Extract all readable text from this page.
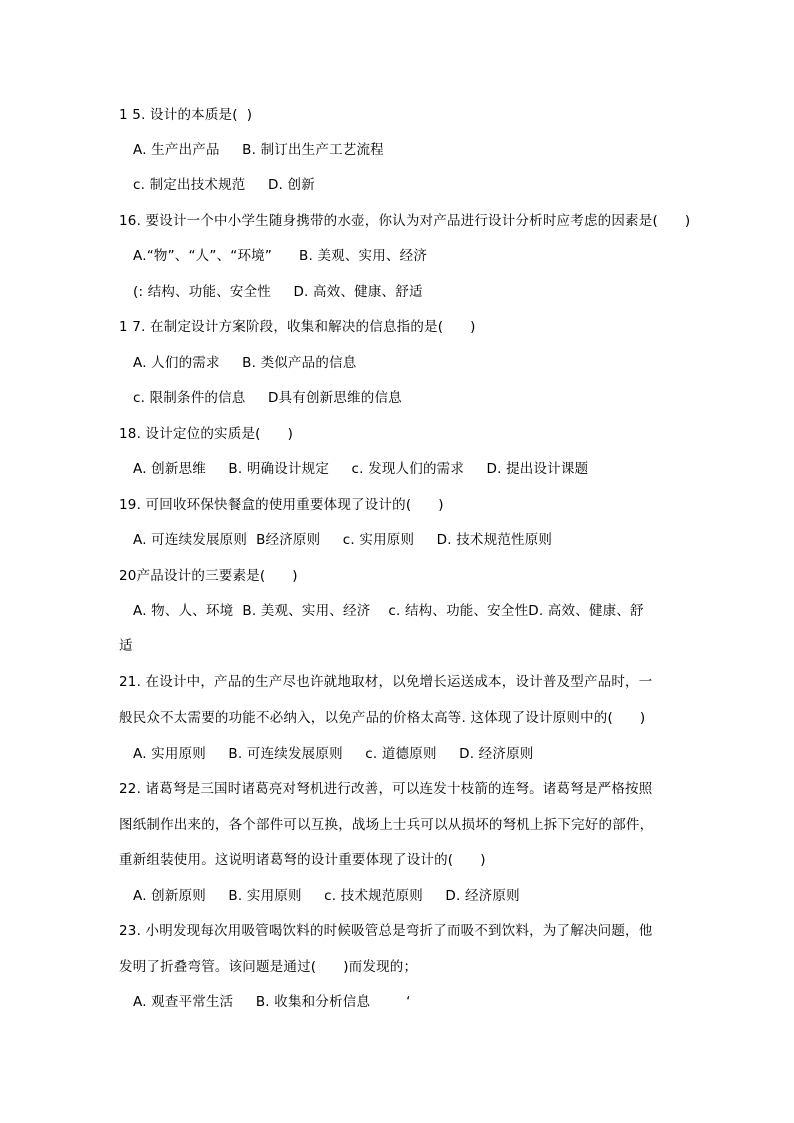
1 5. 设计的本质是(  )
A. 生产出产品     B. 制订出生产工艺流程
c. 制定出技术规范     D. 创新
16. 要设计一个中小学生随身携带的水壶，你认为对产品进行设计分析时应考虑的因素是(      )
A.“物”、“人”、“环境”      B. 美观、实用、经济
(: 结构、功能、安全性     D. 高效、健康、舒适
1 7. 在制定设计方案阶段，收集和解决的信息指的是(      )
A. 人们的需求     B. 类似产品的信息
c. 限制条件的信息     D具有创新思维的信息
18. 设计定位的实质是(      )
A. 创新思维     B. 明确设计规定     c. 发现人们的需求     D. 提出设计课题
19. 可回收环保快餐盒的使用重要体现了设计的(      )
A. 可连续发展原则  B经济原则     c. 实用原则     D. 技术规范性原则
20产品设计的三要素是(      )
A. 物、人、环境  B. 美观、实用、经济    c. 结构、功能、安全性D. 高效、健康、舒
适
21. 在设计中，产品的生产尽也许就地取材，以免增长运送成本，设计普及型产品时，一
般民众不太需要的功能不必纳入，以免产品的价格太高等. 这体现了设计原则中的(      )
A. 实用原则     B. 可连续发展原则     c. 道德原则     D. 经济原则
22. 诸葛弩是三国时诸葛亮对弩机进行改善，可以连发十枝箭的连弩。诸葛弩是严格按照
图纸制作出来的，各个部件可以互换，战场上士兵可以从损坏的弩机上拆下完好的部件，
重新组装使用。这说明诸葛弩的设计重要体现了设计的(      )
A. 创新原则     B. 实用原则     c. 技术规范原则     D. 经济原则
23. 小明发现每次用吸管喝饮料的时候吸管总是弯折了而吸不到饮料，为了解决问题，他
发明了折叠弯管。该问题是通过(      )而发现的；
A. 观查平常生活     B. 收集和分析信息        ‘
